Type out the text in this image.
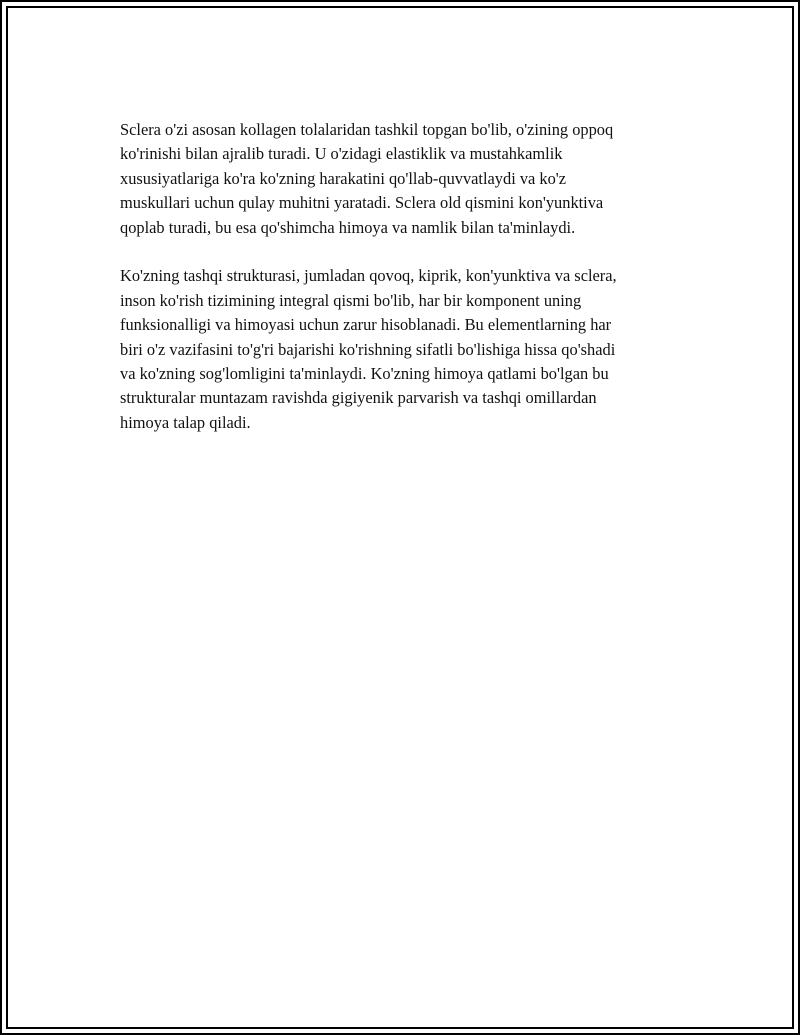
Sclera o'zi asosan kollagen tolalaridan tashkil topgan bo'lib, o'zining oppoq
ko'rinishi bilan ajralib turadi. U o'zidagi elastiklik va mustahkamlik
xususiyatlariga ko'ra ko'zning harakatini qo'llab-quvvatlaydi va ko'z
muskullari uchun qulay muhitni yaratadi. Sclera old qismini kon'yunktiva
qoplab turadi, bu esa qo'shimcha himoya va namlik bilan ta'minlaydi.

Ko'zning tashqi strukturasi, jumladan qovoq, kiprik, kon'yunktiva va sclera,
inson ko'rish tizimining integral qismi bo'lib, har bir komponent uning
funksionalligi va himoyasi uchun zarur hisoblanadi. Bu elementlarning har
biri o'z vazifasini to'g'ri bajarishi ko'rishning sifatli bo'lishiga hissa qo'shadi
va ko'zning sog'lomligini ta'minlaydi. Ko'zning himoya qatlami bo'lgan bu
strukturalar muntazam ravishda gigiyenik parvarish va tashqi omillardan
himoya talap qiladi.
